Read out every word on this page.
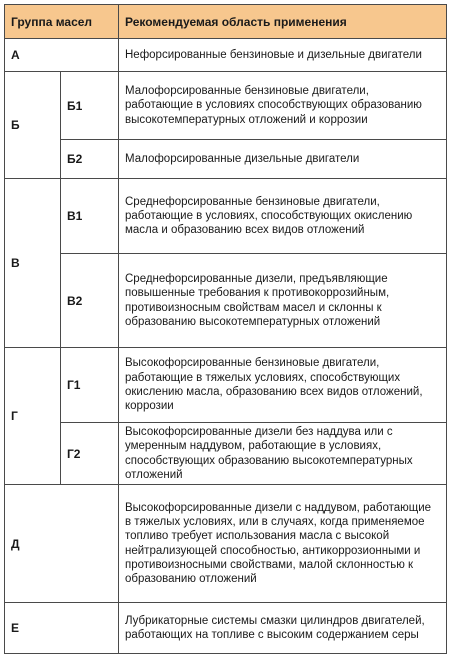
Группа масел		Рекомендуемая область применения
А		Нефорсированные бензиновые и дизельные двигатели
Б	Б1	Малофорсированные бензиновые двигатели, работающие в условиях способствующих образованию высокотемпературных отложений и коррозии
	Б2	Малофорсированные дизельные двигатели
В	В1	Среднефорсированные бензиновые двигатели, работающие в условиях, способствующих окислению масла и образованию всех видов отложений
	В2	Среднефорсированные дизели, предъявляющие повышенные требования к противокоррозийным, противоизносным свойствам масел и склонны к образованию высокотемпературных отложений
Г	Г1	Высокофорсированные бензиновые двигатели, работающие в тяжелых условиях, способствующих окислению масла, образованию всех видов отложений, коррозии
	Г2	Высокофорсированные дизели без наддува или с умеренным наддувом, работающие в условиях, способствующих образованию высокотемпературных отложений
Д		Высокофорсированные дизели с наддувом, работающие в тяжелых условиях, или в случаях, когда применяемое топливо требует использования масла с высокой нейтрализующей способностью, антикоррозионными и противоизносными свойствами, малой склонностью к образованию отложений
Е		Лубрикаторные системы смазки цилиндров двигателей, работающих на топливе с высоким содержанием серы
